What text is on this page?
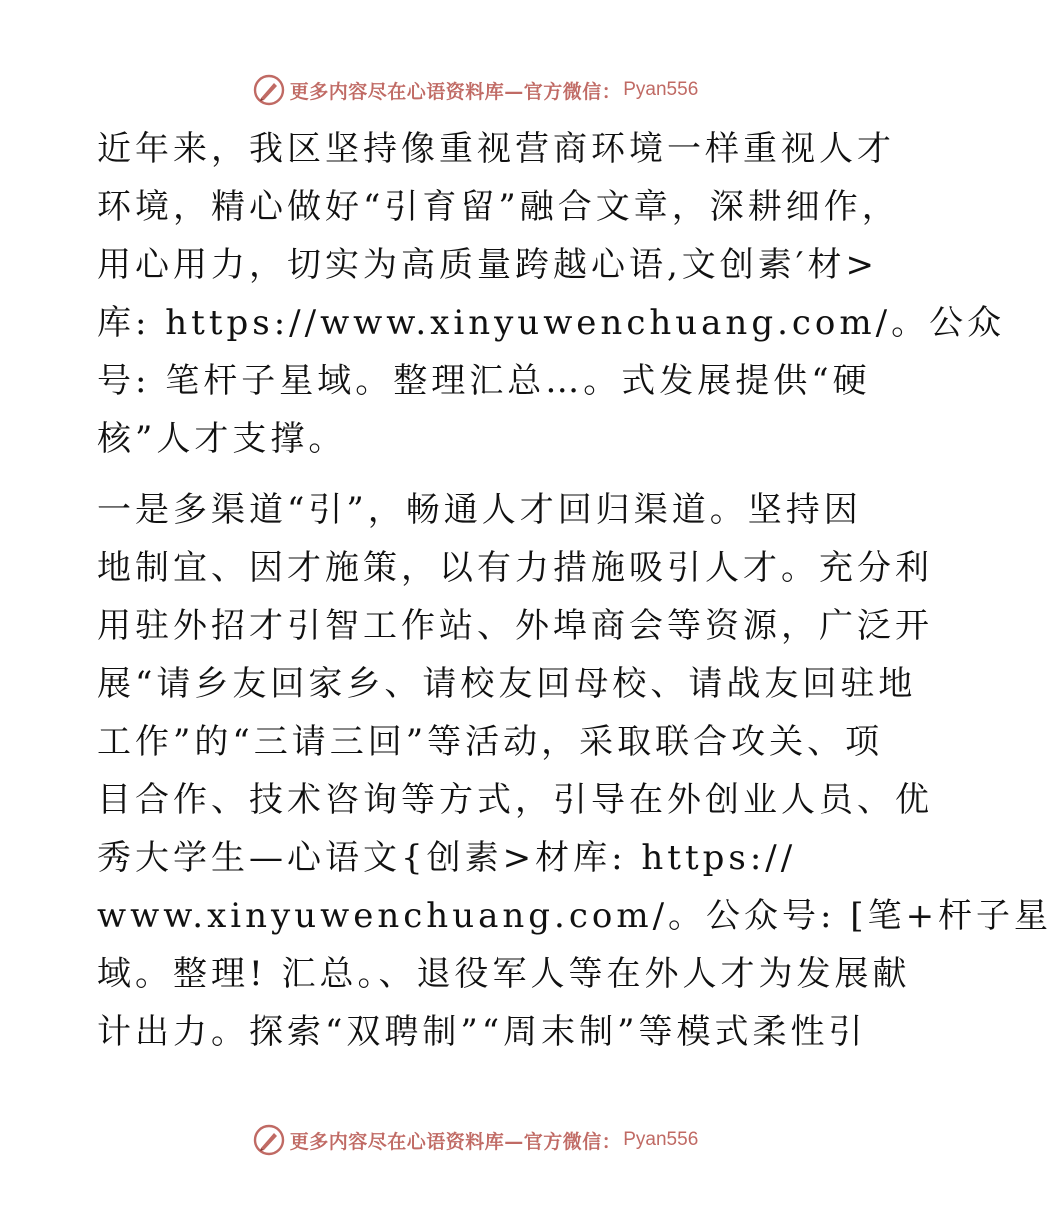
更多内容尽在心语资料库—官方微信： Pyan556
近年来，我区坚持像重视营商环境一样重视人才
环境，精心做好“引育留”融合文章，深耕细作，
用心用力，切实为高质量跨越心语,文创素′材>
库: https://www.xinyuwenchuang.com/。公众
号: 笔杆子星域。整理汇总…。式发展提供“硬
核”人才支撑。
一是多渠道“引”，畅通人才回归渠道。坚持因
地制宜、因才施策，以有力措施吸引人才。充分利
用驻外招才引智工作站、外埠商会等资源，广泛开
展“请乡友回家乡、请校友回母校、请战友回驻地
工作”的“三请三回”等活动，采取联合攻关、项
目合作、技术咨询等方式，引导在外创业人员、优
秀大学生—心语文{创素>材库: https://
www.xinyuwenchuang.com/。公众号: [笔+杆子星
域。整理! 汇总。、退役军人等在外人才为发展献
计出力。探索“双聘制”“周末制”等模式柔性引
更多内容尽在心语资料库—官方微信： Pyan556
